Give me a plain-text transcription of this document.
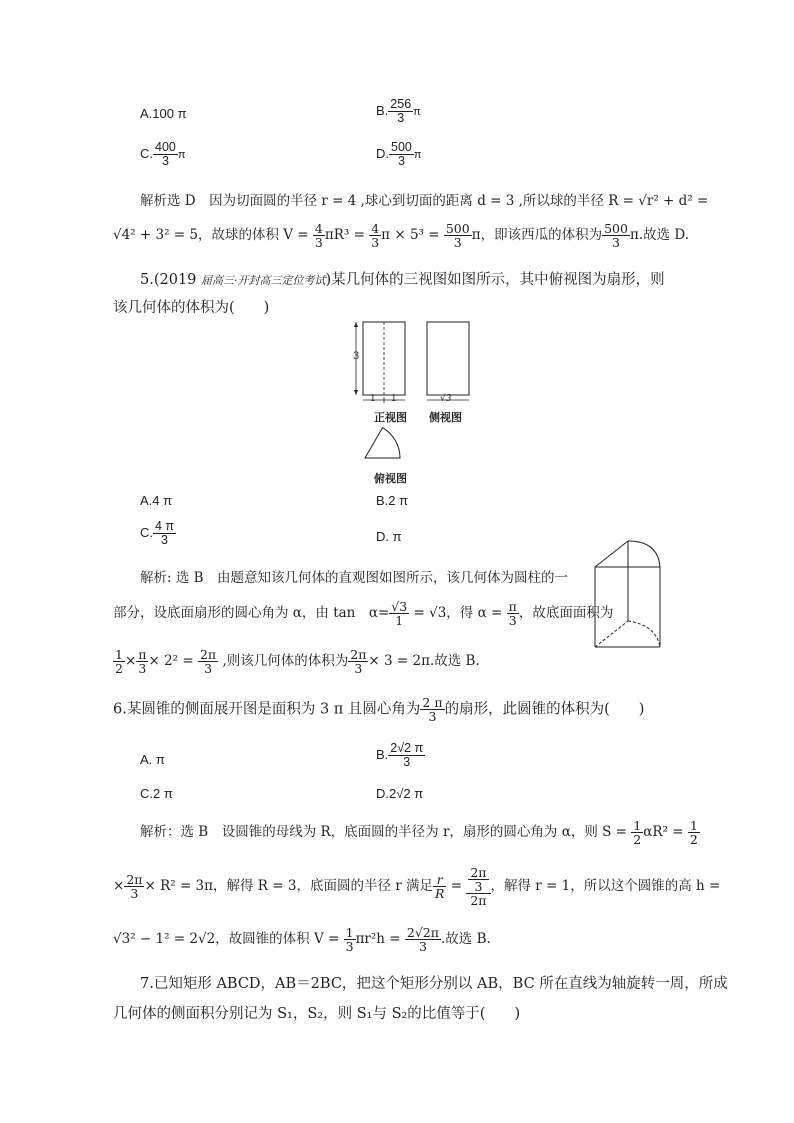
A.100 π	B. $\frac{256}{3}$ π
C. $\frac{400}{3}$ π	D. $\frac{500}{3}$ π
解析选 D　因为切面圆的半径 r = 4 ,球心到切面的距离 d = 3 ,所以球的半径 R = √r² + d² =
√4² + 3² = 5，故球的体积 $V = \frac{4}{3} \pi R^3 = \frac{4}{3}$ $\pi \times 5^3 = \frac{500}{3}$ π，即该西瓜的体积为 $\frac{500}{3} \pi$.故选 D.
5.(2019 届高三·开封高三定位考试)某几何体的三视图如图所示，其中俯视图为扇形，则
该几何体的体积为(　　)
3
1 1	√3
正视图 侧视图
俯视图
A.4 π	B.2 π
C. $\frac{4 \pi}{3}$	D. π
解析: 选 B　由题意知该几何体的直观图如图所示，该几何体为圆柱的一
部分，设底面扇形的圆心角为 α，由 tan　$\alpha= \frac{√3}{1} = √3$，得 $\alpha = \frac{\pi}{3}$ ，故底面面积为
$\frac{1}{2} \times \frac{\pi}{3} \times 2^2 = \frac{2\pi}{3}$ ,则该几何体的体积为 $\frac{2\pi}{3} \times 3 = 2\pi$.故选 B.
6.某圆锥的侧面展开图是面积为 3 π 且圆心角为 $\frac{2 \pi}{3}$ 的扇形，此圆锥的体积为(　　)
A. π	B. $\frac{2√2 \pi}{3}$
C.2 π	D.2√2 π
解析：选 B　设圆锥的母线为 R，底面圆的半径为 r，扇形的圆心角为 α，则 $S = \frac{1}{2} \alpha R^2 = \frac{1}{2}$
× $\frac{2\pi}{3} \times R^2 = 3\pi$，解得 R = 3，底面圆的半径 r 满足 $\frac{r}{R} = \frac{\frac{2\pi}{3}}{2\pi}$ ，解得 r = 1，所以这个圆锥的高 h =
√3² − 1² = 2√2，故圆锥的体积 $V = \frac{1}{3} \pi r^2h = \frac{2√2\pi}{3}$ .故选 B.
7.已知矩形 ABCD，AB＝2BC，把这个矩形分别以 AB，BC 所在直线为轴旋转一周，所成
几何体的侧面积分别记为 S₁，S₂，则 S₁与 S₂的比值等于(　　)
